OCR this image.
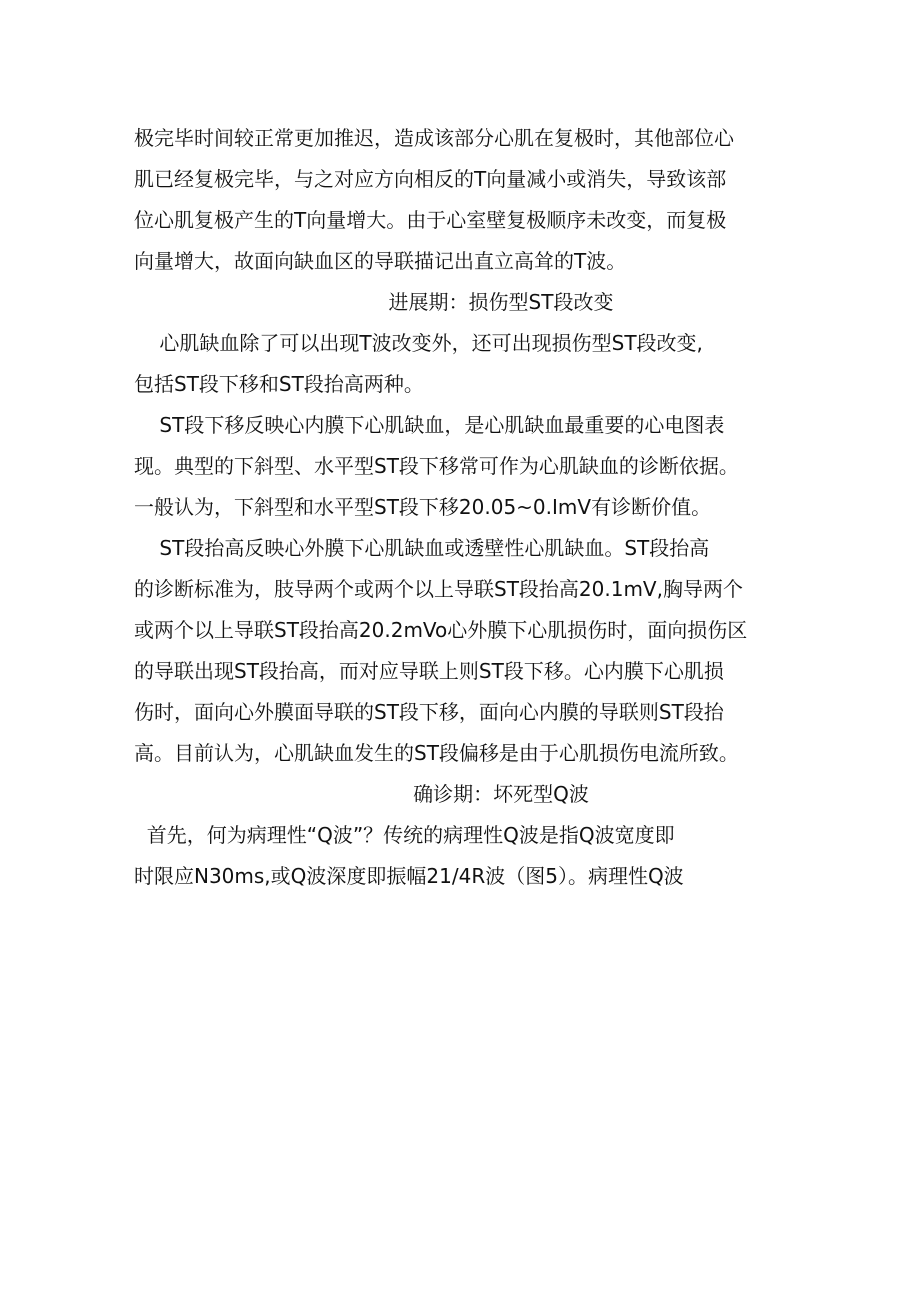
极完毕时间较正常更加推迟，造成该部分心肌在复极时，其他部位心
肌已经复极完毕，与之对应方向相反的T向量减小或消失，导致该部
位心肌复极产生的T向量增大。由于心室壁复极顺序未改变，而复极
向量增大，故面向缺血区的导联描记出直立高耸的T波。
进展期：损伤型ST段改变
心肌缺血除了可以出现T波改变外，还可出现损伤型ST段改变,
包括ST段下移和ST段抬高两种。
ST段下移反映心内膜下心肌缺血，是心肌缺血最重要的心电图表
现。典型的下斜型、水平型ST段下移常可作为心肌缺血的诊断依据。
一般认为，下斜型和水平型ST段下移20.05~0.ImV有诊断价值。
ST段抬高反映心外膜下心肌缺血或透壁性心肌缺血。ST段抬高
的诊断标准为，肢导两个或两个以上导联ST段抬高20.1mV,胸导两个
或两个以上导联ST段抬高20.2mVo心外膜下心肌损伤时，面向损伤区
的导联出现ST段抬高，而对应导联上则ST段下移。心内膜下心肌损
伤时，面向心外膜面导联的ST段下移，面向心内膜的导联则ST段抬
高。目前认为，心肌缺血发生的ST段偏移是由于心肌损伤电流所致。
确诊期：坏死型Q波
首先，何为病理性“Q波”？传统的病理性Q波是指Q波宽度即
时限应N30ms,或Q波深度即振幅21/4R波（图5）。病理性Q波
